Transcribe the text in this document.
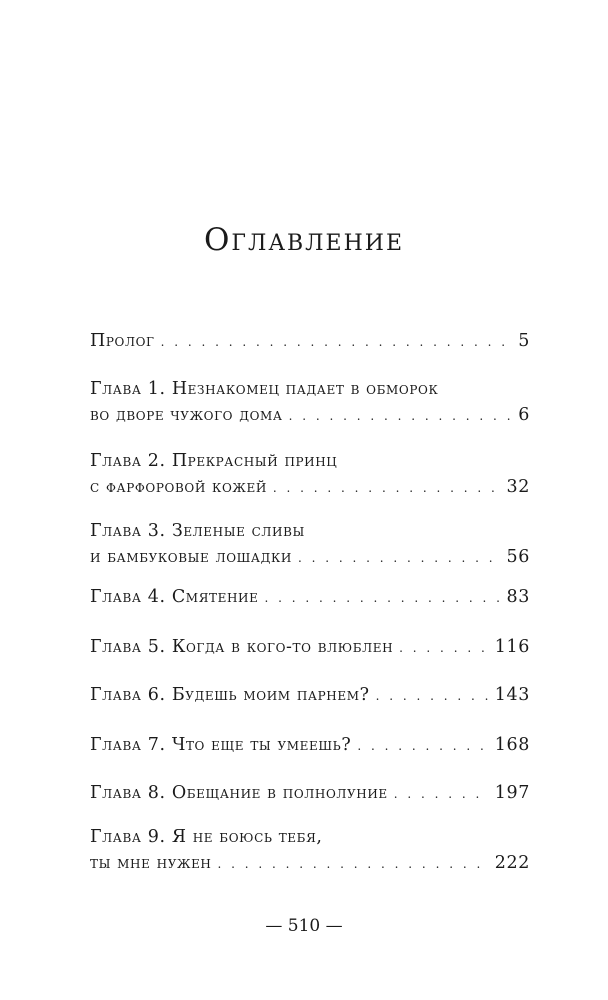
Оглавление
Пролог . . .	5
Глава 1. Незнакомец падает в обморок
во дворе чужого дома . . .	6
Глава 2. Прекрасный принц
с фарфоровой кожей . . .	32
Глава 3. Зеленые сливы
и бамбуковые лошадки . . .	56
Глава 4. Смятение . . .	83
Глава 5. Когда в кого-то влюблен . . .	116
Глава 6. Будешь моим парнем? . . .	143
Глава 7. Что еще ты умеешь? . . .	168
Глава 8. Обещание в полнолуние . . .	197
Глава 9. Я не боюсь тебя,
ты мне нужен . . .	222
— 510 —
